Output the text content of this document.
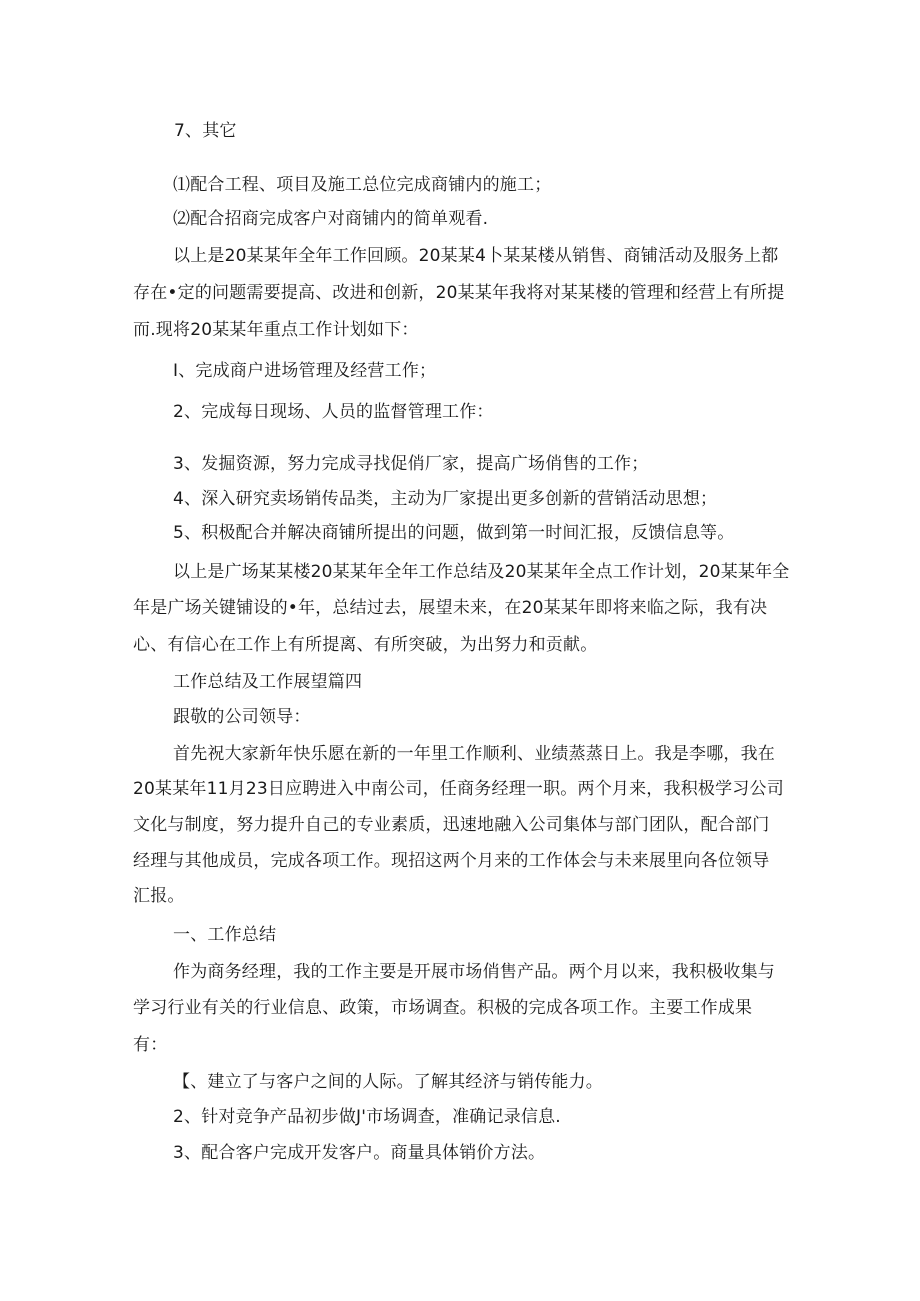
7、其它

⑴配合工程、项目及施工总位完成商铺内的施工；

⑵配合招商完成客户对商铺内的简单观看.

以上是20某某年全年工作回顾。20某某4卜某某楼从销售、商铺活动及服务上都

存在•定的问题需要提高、改进和创新，20某某年我将对某某楼的管理和经营上有所提

而.现将20某某年重点工作计划如下：

I、完成商户进场管理及经营工作；

2、完成每日现场、人员的监督管理工作：

3、发掘资源，努力完成寻找促俏厂家，提高广场俏售的工作；

4、深入研究卖场销传品类，主动为厂家提出更多创新的营销活动思想；

5、积极配合并解决商铺所提出的问题，做到第一时间汇报，反馈信息等。

以上是广场某某楼20某某年全年工作总结及20某某年全点工作计划，20某某年全

年是广场关键铺设的•年，总结过去，展望未来，在20某某年即将来临之际，我有决

心、有信心在工作上有所提离、有所突破，为出努力和贡献。

工作总结及工作展望篇四

跟敬的公司领导：

首先祝大家新年快乐愿在新的一年里工作顺利、业绩蒸蒸日上。我是李哪，我在

20某某年11月23日应聘进入中南公司，任商务经理一职。两个月来，我积极学习公司

文化与制度，努力提升自己的专业素质，迅速地融入公司集体与部门团队，配合部门

经理与其他成员，完成各项工作。现招这两个月来的工作体会与未来展里向各位领导

汇报。

一、工作总结

作为商务经理，我的工作主要是开展市场俏售产品。两个月以来，我积极收集与

学习行业有关的行业信息、政策，市场调查。积极的完成各项工作。主要工作成果

有：

【、建立了与客户之间的人际。了解其经济与销传能力。

2、针对竞争产品初步做J'市场调查，准确记录信息.

3、配合客户完成开发客户。商量具体销价方法。
